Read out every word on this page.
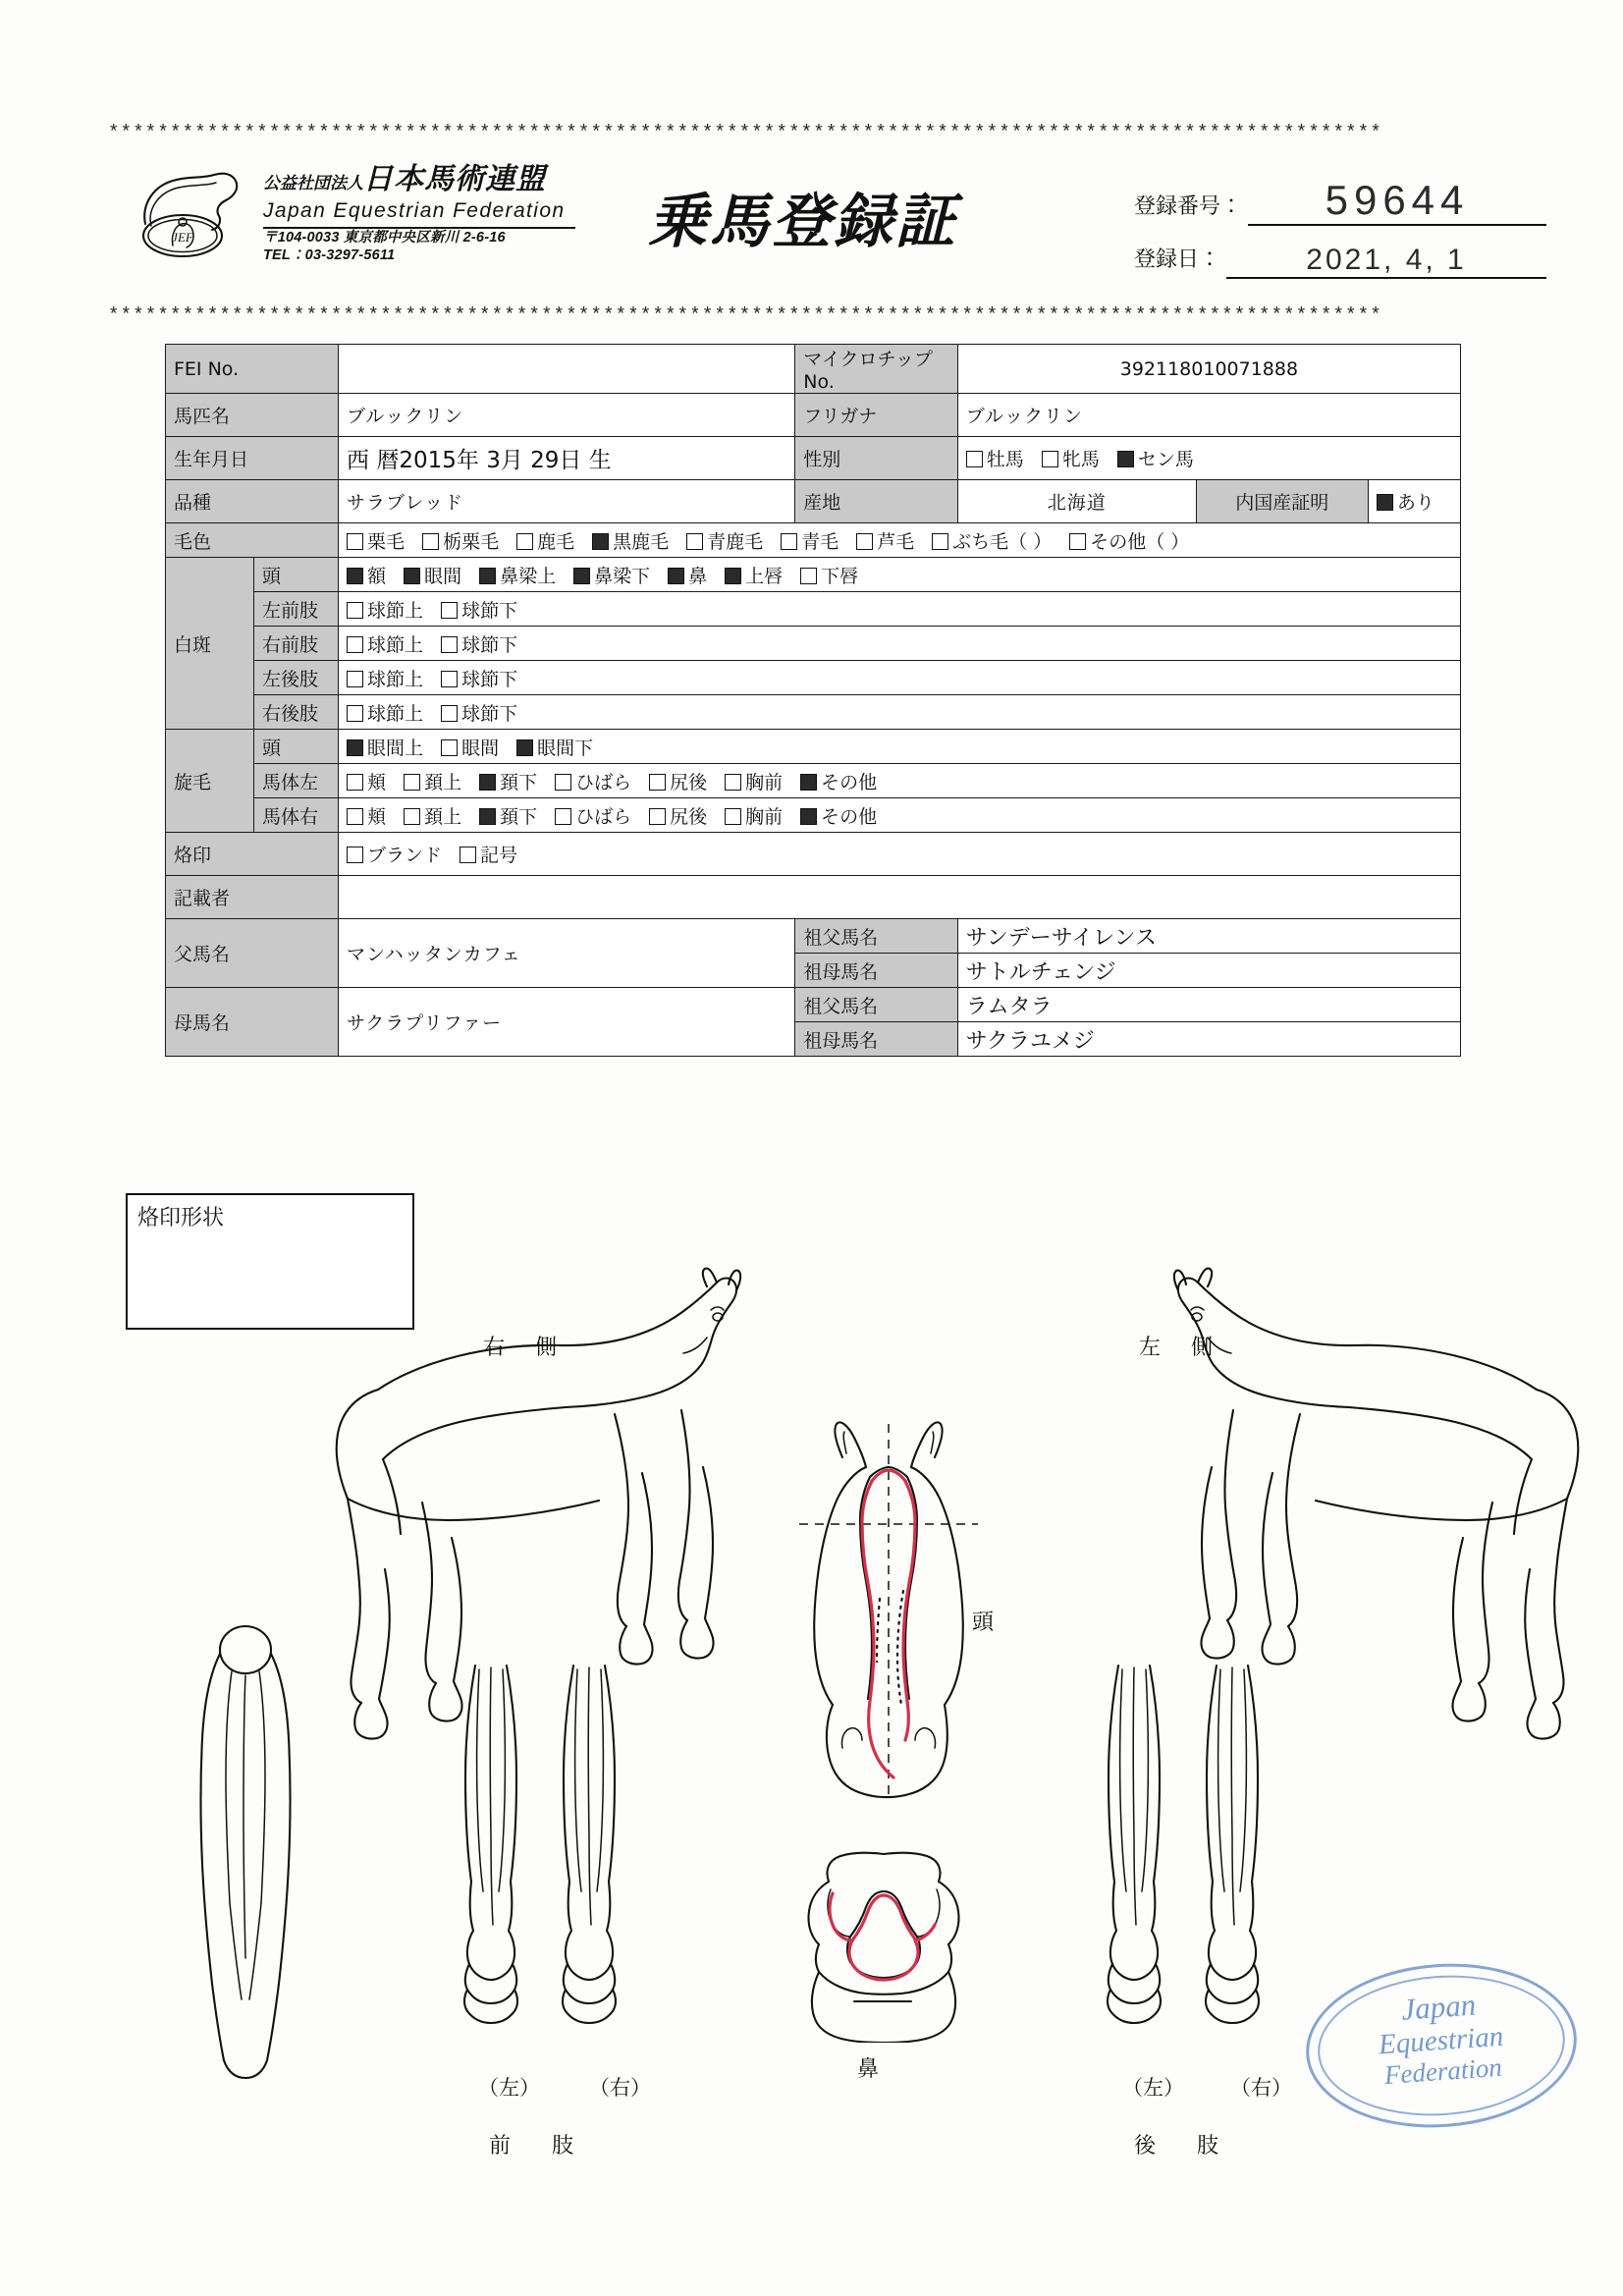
*******************************************************************************************************
JEF
公益社団法人日本馬術連盟
Japan Equestrian Federation
〒104-0033 東京都中央区新川 2-6-16
TEL：03-3297-5611	乗馬登録証	登録番号：	59644
登録日：	2021, 4, 1
*******************************************************************************************************
FEI No.			マイクロチップNo.	392118010071888		
馬匹名		ブルックリン	フリガナ	ブルックリン		
生年月日		西 暦2015年 3月 29日 生	性別	牡馬 牝馬 セン馬		
品種		サラブレッド	産地	北海道	内国産証明	あり
毛色		栗毛 栃栗毛 鹿毛 黒鹿毛 青鹿毛 青毛 芦毛 ぶち毛（ ） その他（ ）				
白斑	頭	額 眼間 鼻梁上 鼻梁下 鼻 上唇 下唇				
	左前肢	球節上 球節下				
	右前肢	球節上 球節下				
	左後肢	球節上 球節下				
	右後肢	球節上 球節下				
旋毛	頭	眼間上 眼間 眼間下				
	馬体左	頬 頚上 頚下 ひばら 尻後 胸前 その他				
	馬体右	頬 頚上 頚下 ひばら 尻後 胸前 その他				
烙印		ブランド 記号				
記載者						
父馬名		マンハッタンカフェ	祖父馬名	サンデーサイレンス		
			祖母馬名	サトルチェンジ		
母馬名		サクラプリファー	祖父馬名	ラムタラ		
			祖母馬名	サクラユメジ		
烙印形状
右 側	左 側
頭
鼻
（左） （右）
前　肢
（左） （右）
後　肢
Japan
Equestrian
Federation
